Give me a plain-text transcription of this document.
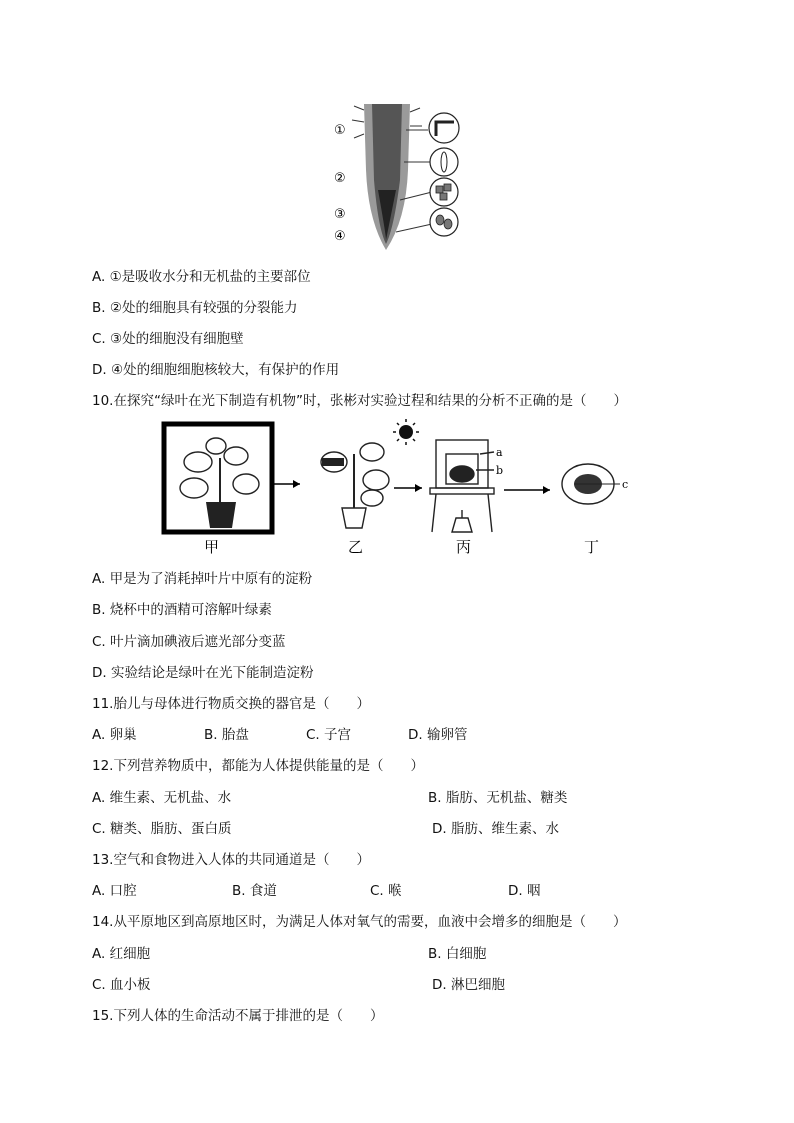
①
②
③
④
A. ①是吸收水分和无机盐的主要部位
B. ②处的细胞具有较强的分裂能力
C. ③处的细胞没有细胞壁
D. ④处的细胞细胞核较大，有保护的作用
10.在探究“绿叶在光下制造有机物”时，张彬对实验过程和结果的分析不正确的是（　　）
a
b
c
甲	乙	丙	丁
A. 甲是为了消耗掉叶片中原有的淀粉
B. 烧杯中的酒精可溶解叶绿素
C. 叶片滴加碘液后遮光部分变蓝
D. 实验结论是绿叶在光下能制造淀粉
11.胎儿与母体进行物质交换的器官是（　　）
A. 卵巢	B. 胎盘	C. 子宫	D. 输卵管
12.下列营养物质中，都能为人体提供能量的是（　　）
A. 维生素、无机盐、水	B. 脂肪、无机盐、糖类
C. 糖类、脂肪、蛋白质	D. 脂肪、维生素、水
13.空气和食物进入人体的共同通道是（　　）
A. 口腔	B. 食道	C. 喉	D. 咽
14.从平原地区到高原地区时，为满足人体对氧气的需要，血液中会增多的细胞是（　　）
A. 红细胞	B. 白细胞
C. 血小板	D. 淋巴细胞
15.下列人体的生命活动不属于排泄的是（　　）
